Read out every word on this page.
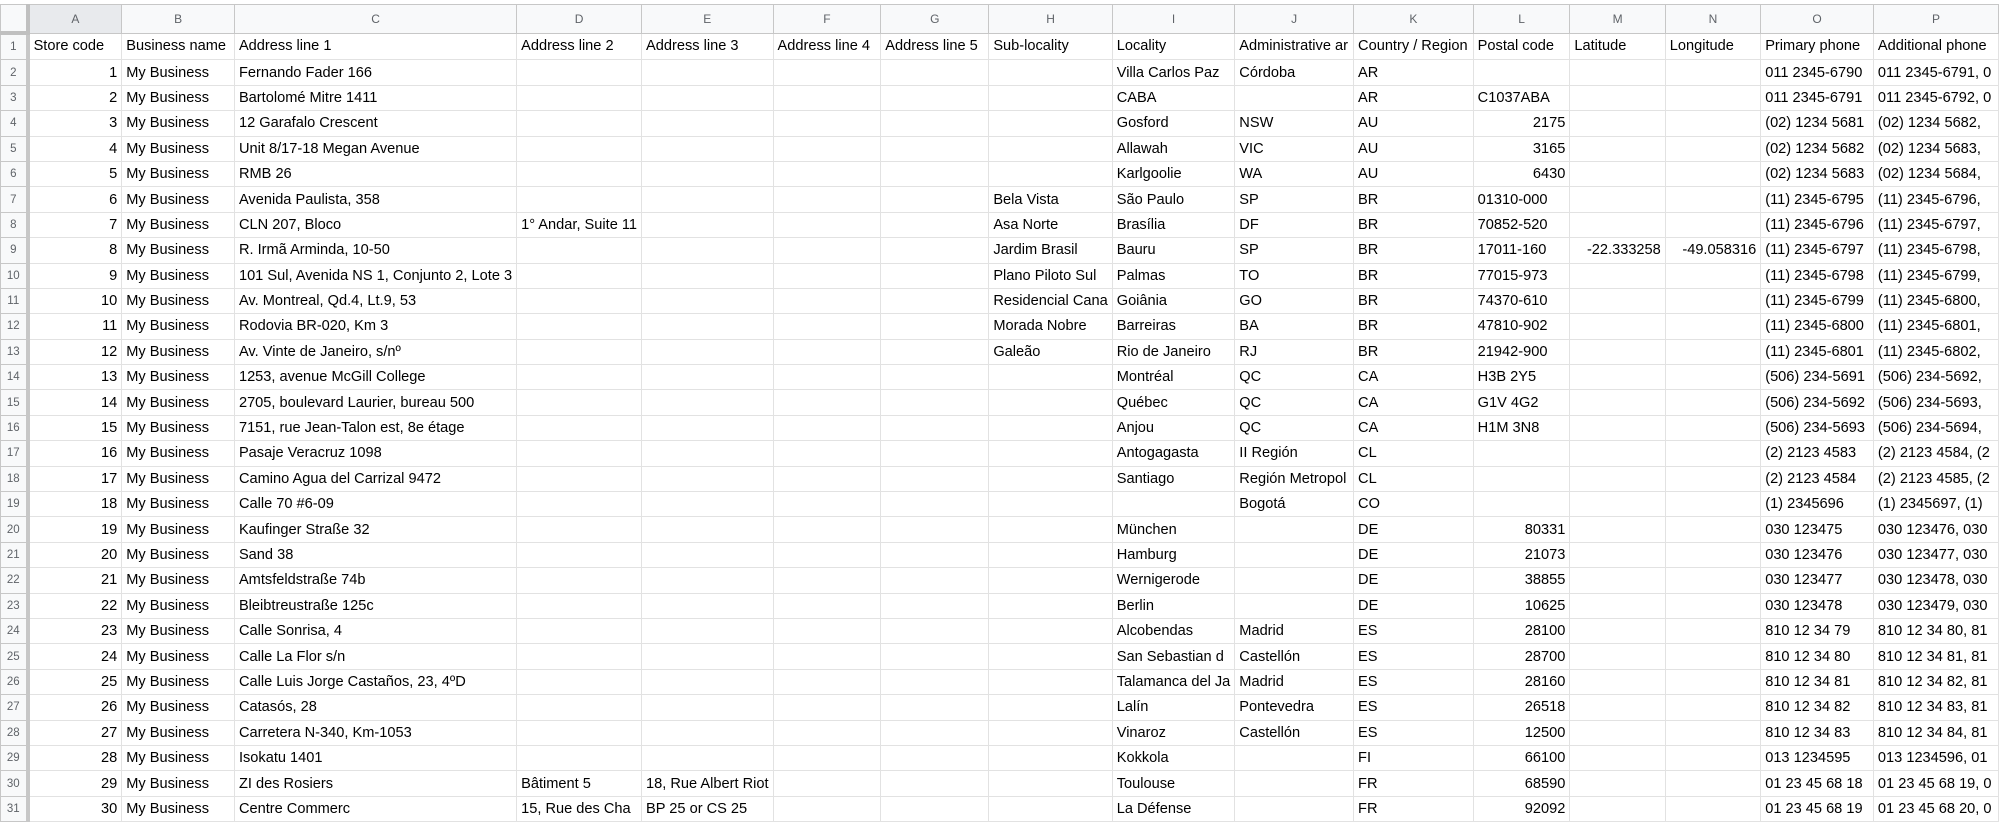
	A	B	C	D	E	F	G	H	I	J	K	L	M	N	O	P
1	Store code	Business name	Address line 1	Address line 2	Address line 3	Address line 4	Address line 5	Sub-locality	Locality	Administrative ar	Country / Region	Postal code	Latitude	Longitude	Primary phone	Additional phone
2	1	My Business	Fernando Fader 166						Villa Carlos Paz	Córdoba	AR				011 2345-6790	011 2345-6791, 0
3	2	My Business	Bartolomé Mitre 1411						CABA		AR	C1037ABA			011 2345-6791	011 2345-6792, 0
4	3	My Business	12 Garafalo Crescent						Gosford	NSW	AU	2175			(02) 1234 5681	(02) 1234 5682,
5	4	My Business	Unit 8/17-18 Megan Avenue						Allawah	VIC	AU	3165			(02) 1234 5682	(02) 1234 5683,
6	5	My Business	RMB 26						Karlgoolie	WA	AU	6430			(02) 1234 5683	(02) 1234 5684,
7	6	My Business	Avenida Paulista, 358					Bela Vista	São Paulo	SP	BR	01310-000			(11) 2345-6795	(11) 2345-6796,
8	7	My Business	CLN 207, Bloco	1° Andar, Suite 11				Asa Norte	Brasília	DF	BR	70852-520			(11) 2345-6796	(11) 2345-6797,
9	8	My Business	R. Irmã Arminda, 10-50					Jardim Brasil	Bauru	SP	BR	17011-160	-22.333258	-49.058316	(11) 2345-6797	(11) 2345-6798,
10	9	My Business	101 Sul, Avenida NS 1, Conjunto 2, Lote 3					Plano Piloto Sul	Palmas	TO	BR	77015-973			(11) 2345-6798	(11) 2345-6799,
11	10	My Business	Av. Montreal, Qd.4, Lt.9, 53					Residencial Cana	Goiânia	GO	BR	74370-610			(11) 2345-6799	(11) 2345-6800,
12	11	My Business	Rodovia BR-020, Km 3					Morada Nobre	Barreiras	BA	BR	47810-902			(11) 2345-6800	(11) 2345-6801,
13	12	My Business	Av. Vinte de Janeiro, s/nº					Galeão	Rio de Janeiro	RJ	BR	21942-900			(11) 2345-6801	(11) 2345-6802,
14	13	My Business	1253, avenue McGill College						Montréal	QC	CA	H3B 2Y5			(506) 234-5691	(506) 234-5692,
15	14	My Business	2705, boulevard Laurier, bureau 500						Québec	QC	CA	G1V 4G2			(506) 234-5692	(506) 234-5693,
16	15	My Business	7151, rue Jean-Talon est, 8e étage						Anjou	QC	CA	H1M 3N8			(506) 234-5693	(506) 234-5694,
17	16	My Business	Pasaje Veracruz 1098						Antogagasta	II Región	CL				(2) 2123 4583	(2) 2123 4584, (2
18	17	My Business	Camino Agua del Carrizal 9472						Santiago	Región Metropol	CL				(2) 2123 4584	(2) 2123 4585, (2
19	18	My Business	Calle 70 #6-09							Bogotá	CO				(1) 2345696	(1) 2345697, (1)
20	19	My Business	Kaufinger Straße 32						München		DE	80331			030 123475	030 123476, 030
21	20	My Business	Sand 38						Hamburg		DE	21073			030 123476	030 123477, 030
22	21	My Business	Amtsfeldstraße 74b						Wernigerode		DE	38855			030 123477	030 123478, 030
23	22	My Business	Bleibtreustraße 125c						Berlin		DE	10625			030 123478	030 123479, 030
24	23	My Business	Calle Sonrisa, 4						Alcobendas	Madrid	ES	28100			810 12 34 79	810 12 34 80, 81
25	24	My Business	Calle La Flor s/n						San Sebastian d	Castellón	ES	28700			810 12 34 80	810 12 34 81, 81
26	25	My Business	Calle Luis Jorge Castaños, 23, 4ºD						Talamanca del Ja	Madrid	ES	28160			810 12 34 81	810 12 34 82, 81
27	26	My Business	Catasós, 28						Lalín	Pontevedra	ES	26518			810 12 34 82	810 12 34 83, 81
28	27	My Business	Carretera N-340, Km-1053						Vinaroz	Castellón	ES	12500			810 12 34 83	810 12 34 84, 81
29	28	My Business	Isokatu 1401						Kokkola		FI	66100			013 1234595	013 1234596, 01
30	29	My Business	ZI des Rosiers	Bâtiment 5	18, Rue Albert Riot				Toulouse		FR	68590			01 23 45 68 18	01 23 45 68 19, 0
31	30	My Business	Centre Commerc	15, Rue des Cha	BP 25 or CS 25				La Défense		FR	92092			01 23 45 68 19	01 23 45 68 20, 0
